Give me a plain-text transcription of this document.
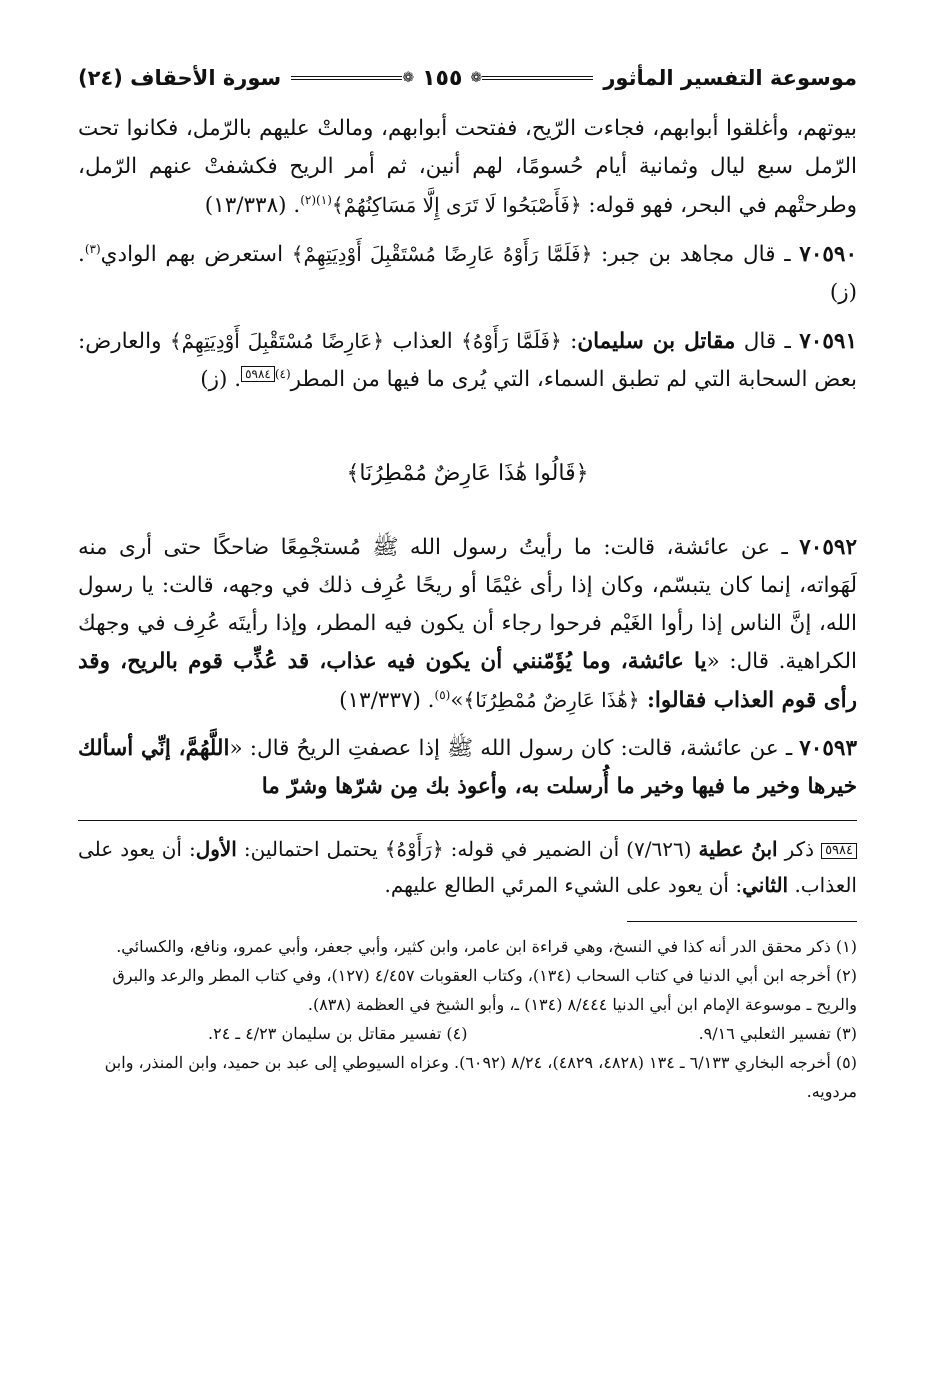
موسوعة التفسير المأثور
❁
١٥٥
❁
سورة الأحقاف (٢٤)

بيوتهم، وأغلقوا أبوابهم، فجاءت الرّيح، ففتحت أبوابهم، ومالتْ عليهم بالرّمل، فكانوا تحت الرّمل سبع ليال وثمانية أيام حُسومًا، لهم أنين، ثم أمر الريح فكشفتْ عنهم الرّمل، وطرحتْهم في البحر، فهو قوله: ﴿فَأَصْبَحُوا لَا تَرَى إِلَّا مَسَاكِنُهُمْ﴾$^{(١)(٢)}$. (١٣/٣٣٨)

٧٠٥٩٠ ـ قال مجاهد بن جبر: ﴿فَلَمَّا رَأَوْهُ عَارِضًا مُسْتَقْبِلَ أَوْدِيَتِهِمْ﴾ استعرض بهم الوادي$^{(٣)}$. (ز)

٧٠٥٩١ ـ قال مقاتل بن سليمان: ﴿فَلَمَّا رَأَوْهُ﴾ العذاب ﴿عَارِضًا مُسْتَقْبِلَ أَوْدِيَتِهِمْ﴾ والعارض: بعض السحابة التي لم تطبق السماء، التي يُرى ما فيها من المطر$^{(٤)}$٥٩٨٤. (ز)

﴿قَالُوا هَٰذَا عَارِضٌ مُمْطِرُنَا﴾

٧٠٥٩٢ ـ عن عائشة، قالت: ما رأيتُ رسول الله ﷺ مُستجْمِعًا ضاحكًا حتى أرى منه لَهَواته، إنما كان يتبسّم، وكان إذا رأى غيْمًا أو ريحًا عُرِف ذلك في وجهه، قالت: يا رسول الله، إنَّ الناس إذا رأوا الغَيْم فرحوا رجاء أن يكون فيه المطر، وإذا رأيتَه عُرِف في وجهك الكراهية. قال: «يا عائشة، وما يُؤَمّنني أن يكون فيه عذاب، قد عُذِّب قوم بالريح، وقد رأى قوم العذاب فقالوا: ﴿هَٰذَا عَارِضٌ مُمْطِرُنَا﴾»$^{(٥)}$. (١٣/٣٣٧)

٧٠٥٩٣ ـ عن عائشة، قالت: كان رسول الله ﷺ إذا عصفتِ الريحُ قال: «اللَّهُمَّ، إنِّي أسألك خيرها وخير ما فيها وخير ما أُرسلت به، وأعوذ بك مِن شرّها وشرّ ما

٥٩٨٤ ذكر ابنُ عطية (٧/٦٢٦) أن الضمير في قوله: ﴿رَأَوْهُ﴾ يحتمل احتمالين: الأول: أن يعود على العذاب. الثاني: أن يعود على الشيء المرئي الطالع عليهم.

(١) ذكر محقق الدر أنه كذا في النسخ، وهي قراءة ابن عامر، وابن كثير، وأبي جعفر، وأبي عمرو، ونافع، والكسائي.

(٢) أخرجه ابن أبي الدنيا في كتاب السحاب (١٣٤)، وكتاب العقوبات ٤/٤٥٧ (١٢٧)، وفي كتاب المطر والرعد والبرق والريح ـ موسوعة الإمام ابن أبي الدنيا ٨/٤٤٤ (١٣٤) ـ، وأبو الشيخ في العظمة (٨٣٨).

(٣) تفسير الثعلبي ٩/١٦.
(٤) تفسير مقاتل بن سليمان ٤/٢٣ ـ ٢٤.

(٥) أخرجه البخاري ٦/١٣٣ ـ ١٣٤ (٤٨٢٨، ٤٨٢٩)، ٨/٢٤ (٦٠٩٢). وعزاه السيوطي إلى عبد بن حميد، وابن المنذر، وابن مردويه.
